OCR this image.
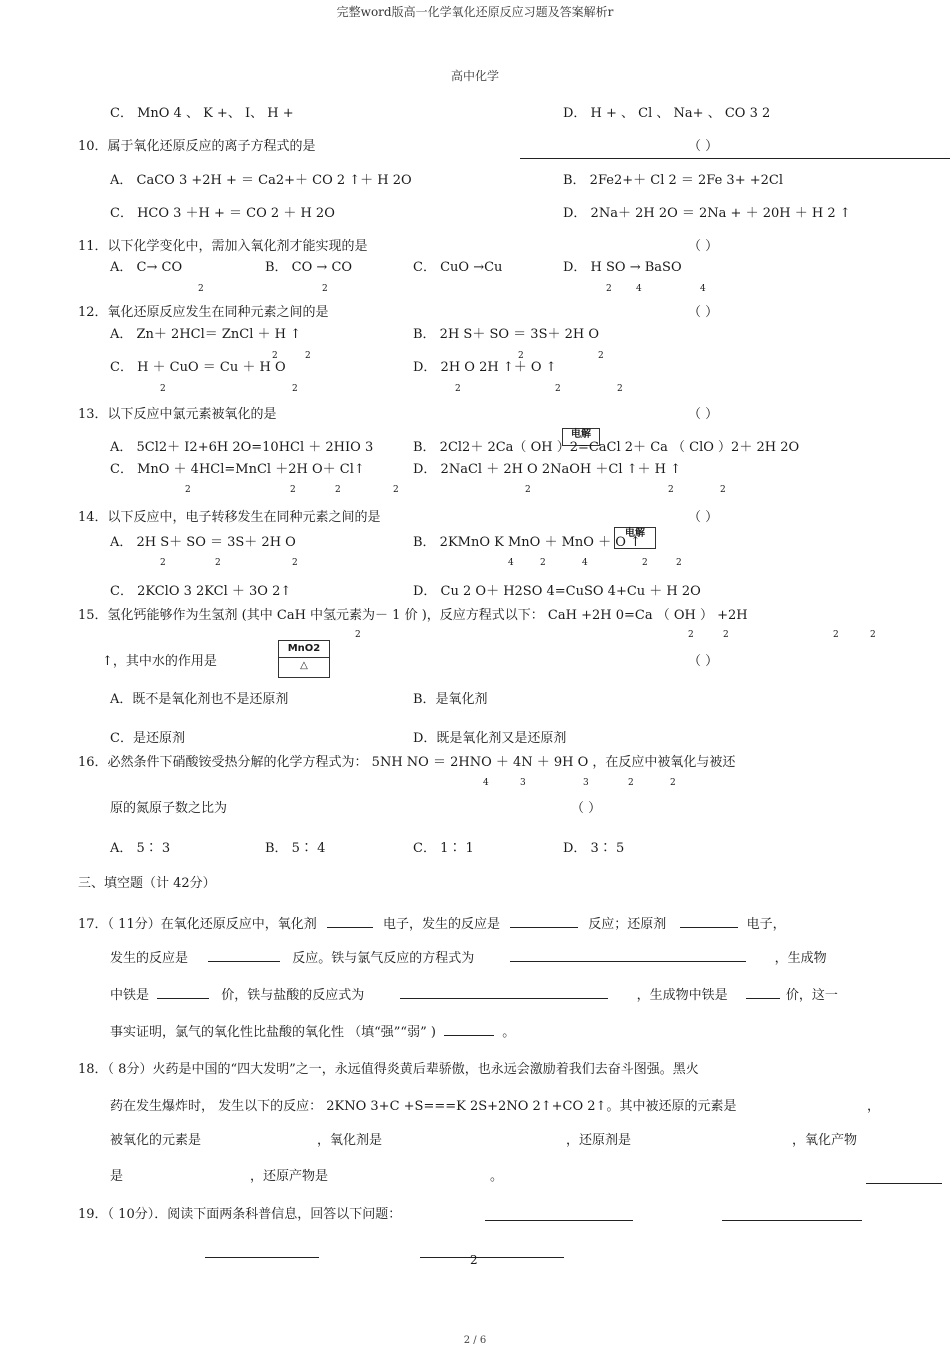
完整word版高一化学氧化还原反应习题及答案解析r
高中化学
C． MnO 4 、 K +、 I、 H +	D． H + 、 Cl 、 Na+ 、 CO 3 2
10．属于氧化还原反应的离子方程式的是	（ ）
A． CaCO 3 +2H + ＝ Ca2+＋ CO 2 ↑＋ H 2O	B． 2Fe2+＋ Cl 2 ＝ 2Fe 3+ +2Cl
C． HCO 3 ＋H + ＝ CO 2 ＋ H 2O	D． 2Na＋ 2H 2O ＝ 2Na + ＋ 20H ＋ H 2 ↑
11．以下化学变化中，需加入氧化剂才能实现的是	（ ）
A． C→ CO	B． CO → CO	C． CuO →Cu	D． H SO → BaSO
2	2	2	4	4
12．氧化还原反应发生在同种元素之间的是	（ ）
A． Zn＋ 2HCl＝ ZnCl ＋ H ↑	B． 2H S＋ SO ＝ 3S＋ 2H O
2	2	2	2
C． H ＋ CuO ＝ Cu ＋ H O	D． 2H O 2H ↑＋ O ↑
2	2	2	2	2
13．以下反应中氯元素被氧化的是	（ ）
电解
A． 5Cl2＋ I2+6H 2O=10HCl ＋ 2HIO 3	B． 2Cl2＋ 2Ca（ OH ）2=CaCl 2＋ Ca （ ClO ）2＋ 2H 2O
C． MnO ＋ 4HCl=MnCl ＋2H O＋ Cl↑	D． 2NaCl ＋ 2H O 2NaOH ＋Cl ↑＋ H ↑
2	2	2	2	2	2	2
14．以下反应中，电子转移发生在同种元素之间的是	（ ）
电解
A． 2H S＋ SO ＝ 3S＋ 2H O	B． 2KMnO K MnO ＋ MnO ＋ O ↑
2	2	2	4	2	4	2	2
C． 2KClO 3 2KCl ＋ 3O 2↑	D． Cu 2 O＋ H2SO 4=CuSO 4+Cu ＋ H 2O
15．氢化钙能够作为生氢剂 (其中 CaH 中氢元素为－ 1 价 )，反应方程式以下： CaH +2H 0=Ca （ OH ） +2H
2	2	2	2	2
MnO2
△
↑，其中水的作用是	（ ）
A．既不是氧化剂也不是还原剂	B．是氧化剂
C．是还原剂	D．既是氧化剂又是还原剂
16．必然条件下硝酸铵受热分解的化学方程式为： 5NH NO ＝ 2HNO ＋ 4N ＋ 9H O ，在反应中被氧化与被还
4	3	3	2	2
原的氮原子数之比为	（ ）
A． 5∶ 3	B． 5∶ 4	C． 1∶ 1	D． 3∶ 5
三、填空题（计 42分）
17．（ 11分）在氧化还原反应中，氧化剂	电子，发生的反应是	反应；还原剂	电子，
发生的反应是	反应。铁与氯气反应的方程式为	，生成物
中铁是	价，铁与盐酸的反应式为	，生成物中铁是	价，这一
事实证明，氯气的氧化性比盐酸的氧化性 （填“强”“弱” )	。
18．（ 8分）火药是中国的“四大发明”之一，永远值得炎黄后辈骄傲，也永远会激励着我们去奋斗图强。黑火
药在发生爆炸时， 发生以下的反应： 2KNO 3+C +S===K 2S+2NO 2↑+CO 2↑。其中被还原的元素是	，
被氧化的元素是	，氧化剂是	，还原剂是	，氧化产物
是	，还原产物是	。
19．（ 10分）．阅读下面两条科普信息，回答以下问题：
2
2 / 6
